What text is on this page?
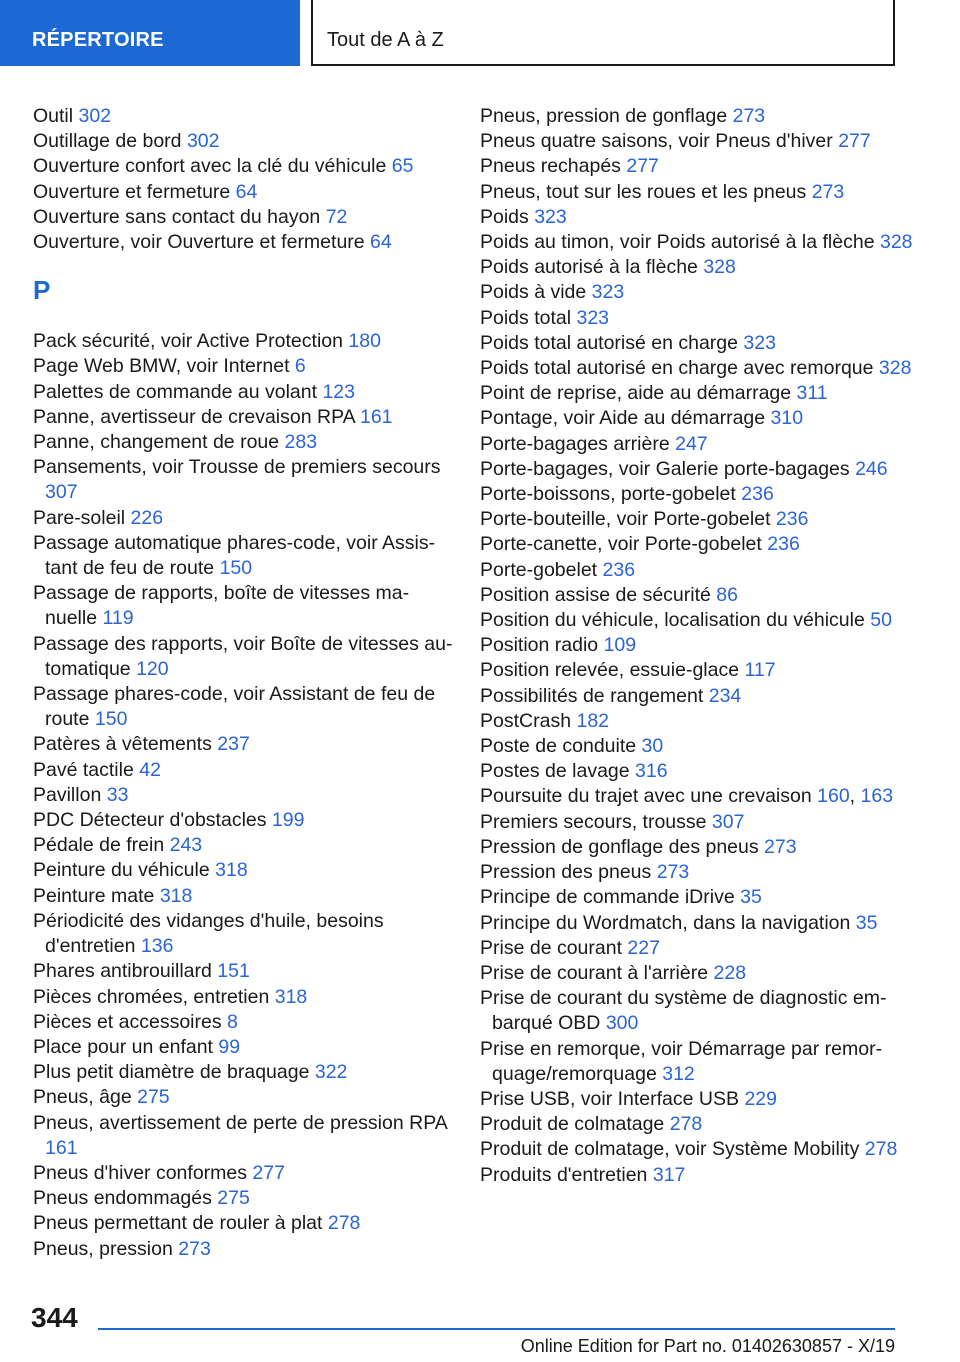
RÉPERTOIRE	Tout de A à Z

Outil 302

Outillage de bord 302

Ouverture confort avec la clé du véhicule 65

Ouverture et fermeture 64

Ouverture sans contact du hayon 72

Ouverture, voir Ouverture et fermeture 64

P

Pack sécurité, voir Active Protection 180

Page Web BMW, voir Internet 6

Palettes de commande au volant 123

Panne, avertisseur de crevaison RPA 161

Panne, changement de roue 283

Pansements, voir Trousse de premiers secours 307

Pare-soleil 226

Passage automatique phares-code, voir Assistant de feu de route 150

Passage de rapports, boîte de vitesses manuelle 119

Passage des rapports, voir Boîte de vitesses automatique 120

Passage phares-code, voir Assistant de feu de route 150

Patères à vêtements 237

Pavé tactile 42

Pavillon 33

PDC Détecteur d'obstacles 199

Pédale de frein 243

Peinture du véhicule 318

Peinture mate 318

Périodicité des vidanges d'huile, besoins d'entretien 136

Phares antibrouillard 151

Pièces chromées, entretien 318

Pièces et accessoires 8

Place pour un enfant 99

Plus petit diamètre de braquage 322

Pneus, âge 275

Pneus, avertissement de perte de pression RPA 161

Pneus d'hiver conformes 277

Pneus endommagés 275

Pneus permettant de rouler à plat 278

Pneus, pression 273

Pneus, pression de gonflage 273

Pneus quatre saisons, voir Pneus d'hiver 277

Pneus rechapés 277

Pneus, tout sur les roues et les pneus 273

Poids 323

Poids au timon, voir Poids autorisé à la flèche 328

Poids autorisé à la flèche 328

Poids à vide 323

Poids total 323

Poids total autorisé en charge 323

Poids total autorisé en charge avec remorque 328

Point de reprise, aide au démarrage 311

Pontage, voir Aide au démarrage 310

Porte-bagages arrière 247

Porte-bagages, voir Galerie porte-bagages 246

Porte-boissons, porte-gobelet 236

Porte-bouteille, voir Porte-gobelet 236

Porte-canette, voir Porte-gobelet 236

Porte-gobelet 236

Position assise de sécurité 86

Position du véhicule, localisation du véhicule 50

Position radio 109

Position relevée, essuie-glace 117

Possibilités de rangement 234

PostCrash 182

Poste de conduite 30

Postes de lavage 316

Poursuite du trajet avec une crevaison 160, 163

Premiers secours, trousse 307

Pression de gonflage des pneus 273

Pression des pneus 273

Principe de commande iDrive 35

Principe du Wordmatch, dans la navigation 35

Prise de courant 227

Prise de courant à l'arrière 228

Prise de courant du système de diagnostic embarqué OBD 300

Prise en remorque, voir Démarrage par remorquage/remorquage 312

Prise USB, voir Interface USB 229

Produit de colmatage 278

Produit de colmatage, voir Système Mobility 278

Produits d'entretien 317

344
Online Edition for Part no. 01402630857 - X/19
